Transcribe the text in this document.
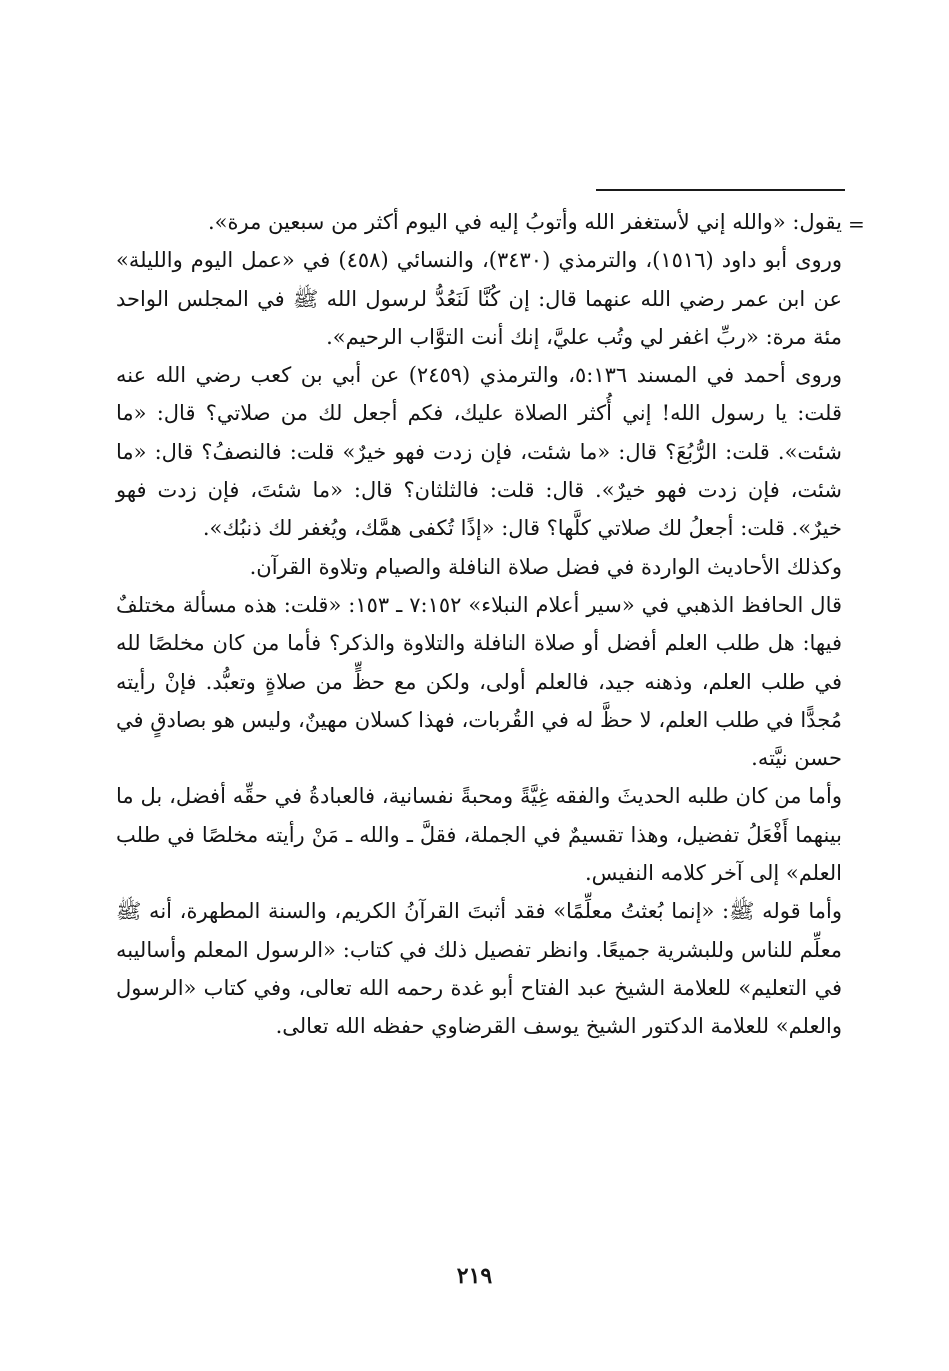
=

يقول: «والله إني لأستغفر الله وأتوبُ إليه في اليوم أكثر من سبعين مرة».

وروى أبو داود (١٥١٦)، والترمذي (٣٤٣٠)، والنسائي (٤٥٨) في «عمل اليوم والليلة» عن ابن عمر رضي الله عنهما قال: إن كُنَّا لَنَعُدُّ لرسول الله ﷺ في المجلس الواحد مئة مرة: «ربِّ اغفر لي وتُب عليَّ، إنك أنت التوَّاب الرحيم».

وروى أحمد في المسند ٥:١٣٦، والترمذي (٢٤٥٩) عن أبي بن كعب رضي الله عنه قلت: يا رسول الله! إني أُكثر الصلاة عليك، فكم أجعل لك من صلاتي؟ قال: «ما شئت». قلت: الرُّبُعَ؟ قال: «ما شئت، فإن زدت فهو خيرٌ» قلت: فالنصفُ؟ قال: «ما شئت، فإن زدت فهو خيرٌ». قال: قلت: فالثلثان؟ قال: «ما شئتَ، فإن زدت فهو خيرٌ». قلت: أجعلُ لك صلاتي كلَّها؟ قال: «إذًا تُكفى همَّك، ويُغفر لك ذنبُك».

وكذلك الأحاديث الواردة في فضل صلاة النافلة والصيام وتلاوة القرآن.

قال الحافظ الذهبي في «سير أعلام النبلاء» ٧:١٥٢ ـ ١٥٣: «قلت: هذه مسألة مختلفٌ فيها: هل طلب العلم أفضل أو صلاة النافلة والتلاوة والذكر؟ فأما من كان مخلصًا لله في طلب العلم، وذهنه جيد، فالعلم أولى، ولكن مع حظٍّ من صلاةٍ وتعبُّد. فإنْ رأيته مُجدًّا في طلب العلم، لا حظَّ له في القُربات، فهذا كسلان مهينٌ، وليس هو بصادقٍ في حسن نيَّته.

وأما من كان طلبه الحديثَ والفقه غِيَّةً ومحبةً نفسانية، فالعبادةُ في حقِّه أفضل، بل ما بينهما أَفْعَلُ تفضيل، وهذا تقسيمٌ في الجملة، فقلَّ ـ والله ـ مَنْ رأيته مخلصًا في طلب العلم» إلى آخر كلامه النفيس.

وأما قوله ﷺ: «إنما بُعثتُ معلِّمًا» فقد أثبتَ القرآنُ الكريم، والسنة المطهرة، أنه ﷺ معلِّم للناس وللبشرية جميعًا. وانظر تفصيل ذلك في كتاب: «الرسول المعلم وأساليبه في التعليم» للعلامة الشيخ عبد الفتاح أبو غدة رحمه الله تعالى، وفي كتاب «الرسول والعلم» للعلامة الدكتور الشيخ يوسف القرضاوي حفظه الله تعالى.

٢١٩
